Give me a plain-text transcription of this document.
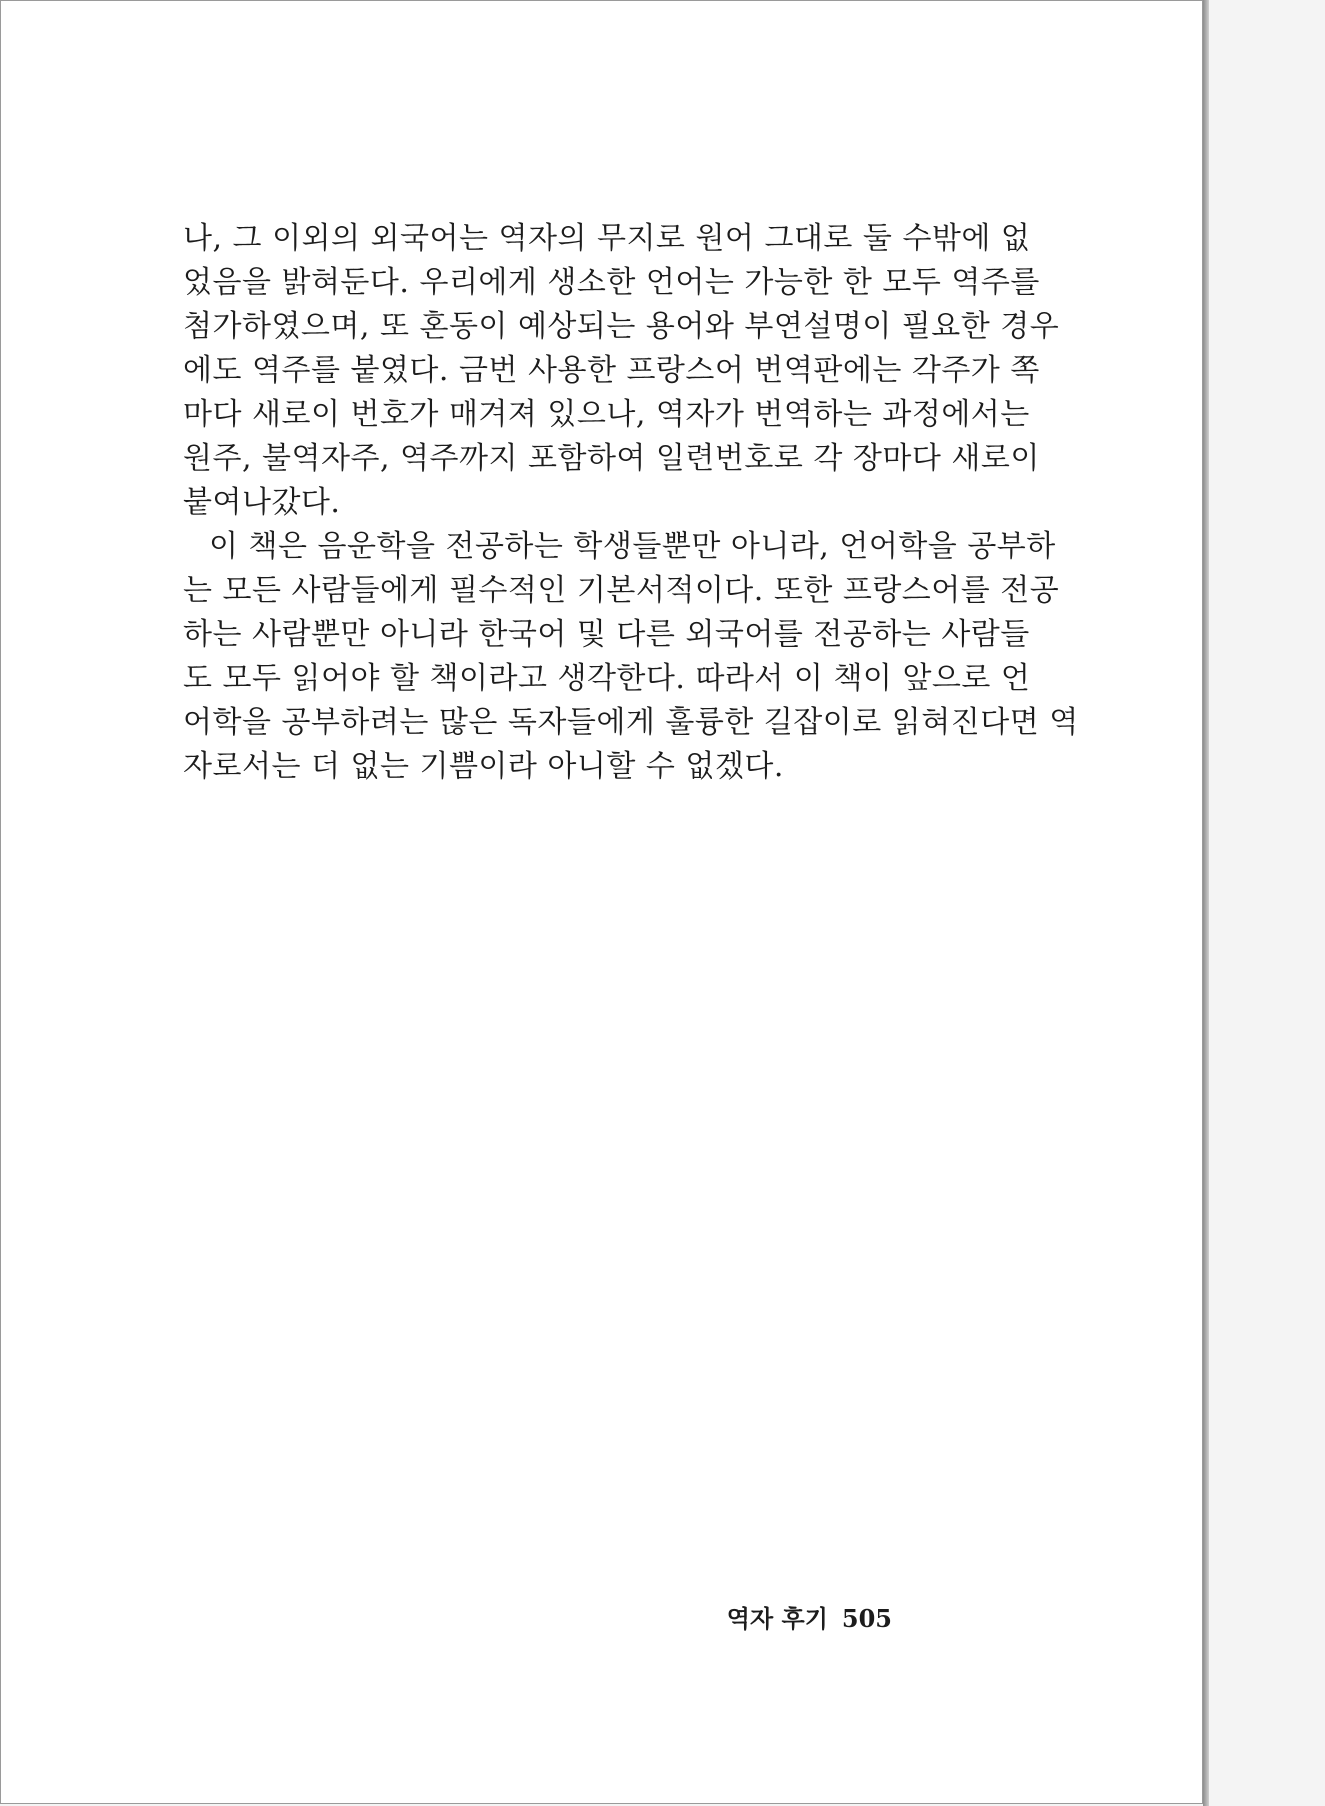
나, 그 이외의 외국어는 역자의 무지로 원어 그대로 둘 수밖에 없
었음을 밝혀둔다. 우리에게 생소한 언어는 가능한 한 모두 역주를
첨가하였으며, 또 혼동이 예상되는 용어와 부연설명이 필요한 경우
에도 역주를 붙였다. 금번 사용한 프랑스어 번역판에는 각주가 쪽
마다 새로이 번호가 매겨져 있으나, 역자가 번역하는 과정에서는
원주, 불역자주, 역주까지 포함하여 일련번호로 각 장마다 새로이
붙여나갔다.
이 책은 음운학을 전공하는 학생들뿐만 아니라, 언어학을 공부하
는 모든 사람들에게 필수적인 기본서적이다. 또한 프랑스어를 전공
하는 사람뿐만 아니라 한국어 및 다른 외국어를 전공하는 사람들
도 모두 읽어야 할 책이라고 생각한다. 따라서 이 책이 앞으로 언
어학을 공부하려는 많은 독자들에게 훌륭한 길잡이로 읽혀진다면 역
자로서는 더 없는 기쁨이라 아니할 수 없겠다.
역자 후기 505
